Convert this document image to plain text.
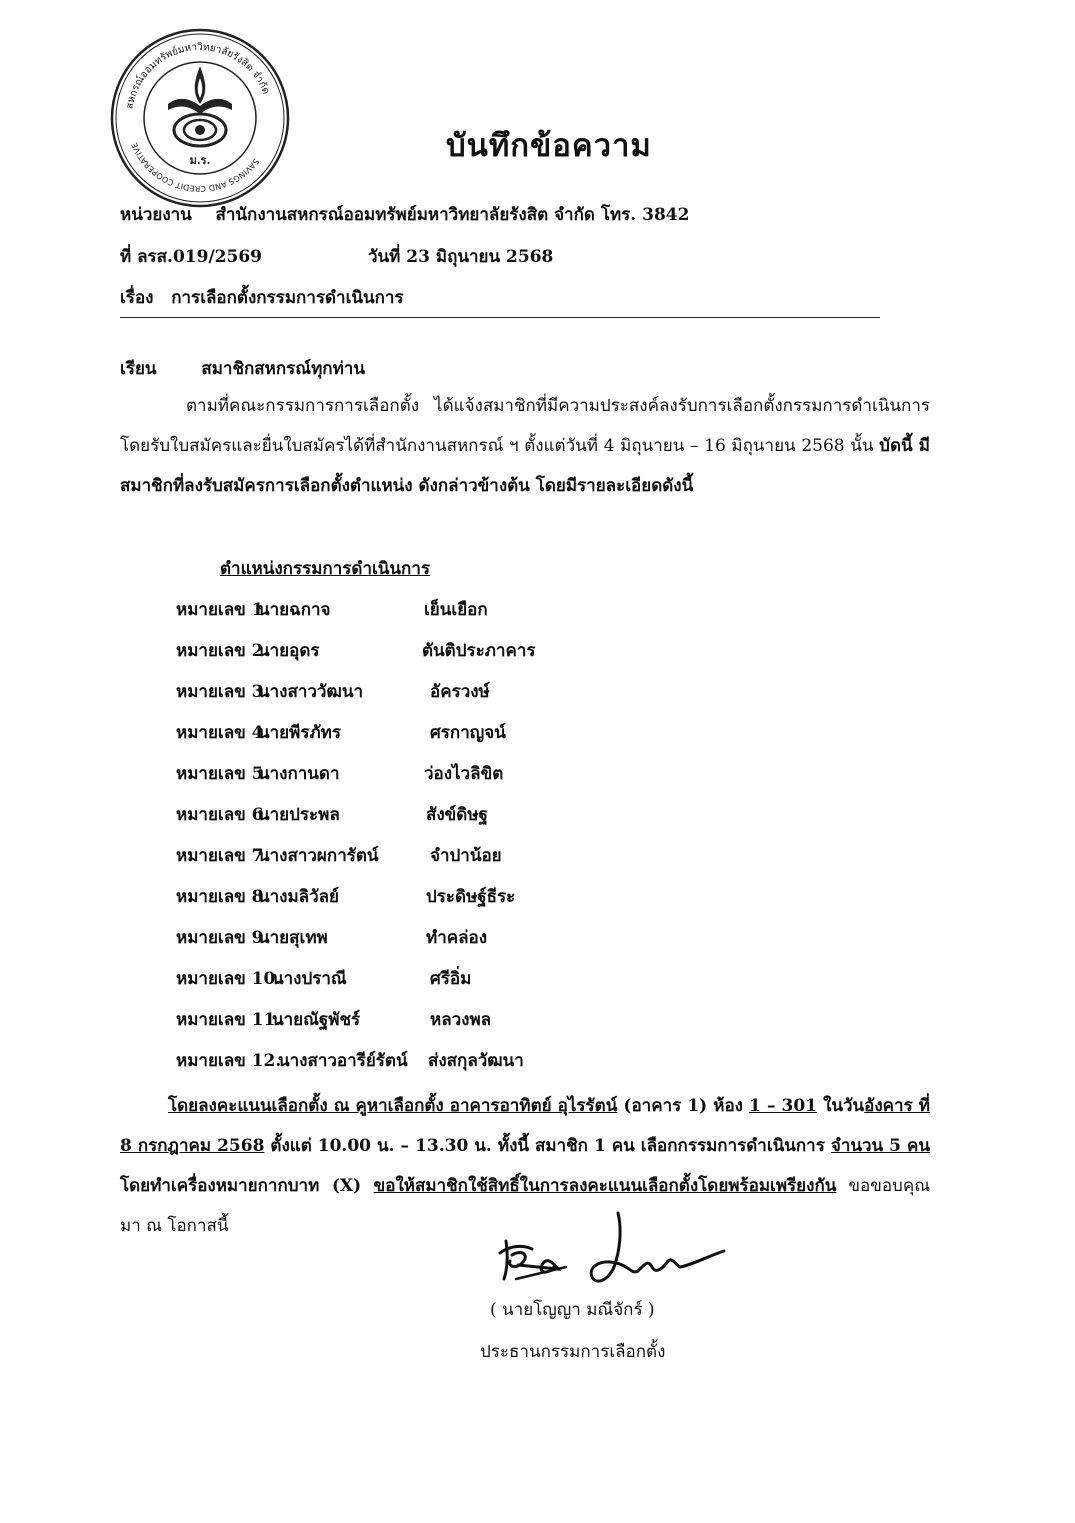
สหกรณ์ออมทรัพย์มหาวิทยาลัยรังสิต จำกัด
SAVINGS AND CREDIT COOPERATIVE
ม.ร.	บันทึกข้อความ
หน่วยงาน สำนักงานสหกรณ์ออมทรัพย์มหาวิทยาลัยรังสิต จำกัด โทร. 3842
ที่ ลรส.019/2569	วันที่ 23 มิถุนายน 2568
เรื่อง การเลือกตั้งกรรมการดำเนินการ
เรียน	สมาชิกสหกรณ์ทุกท่าน
ตามที่คณะกรรมการการเลือกตั้ง ได้แจ้งสมาชิกที่มีความประสงค์ลงรับการเลือกตั้งกรรมการดำเนินการ โดยรับใบสมัครและยื่นใบสมัครได้ที่สำนักงานสหกรณ์ ฯ ตั้งแต่วันที่ 4 มิถุนายน – 16 มิถุนายน 2568 นั้น บัดนี้ มีสมาชิกที่ลงรับสมัครการเลือกตั้งตำแหน่ง ดังกล่าวข้างต้น โดยมีรายละเอียดดังนี้
ตำแหน่งกรรมการดำเนินการ
หมายเลข 1.
นายฉกาจ	เย็นเยือก
หมายเลข 2.
นายอุดร	ตันติประภาคาร
หมายเลข 3.
นางสาววัฒนา	อัครวงษ์
หมายเลข 4.
นายพีรภัทร	ศรกาญจน์
หมายเลข 5.
นางกานดา	ว่องไวลิขิต
หมายเลข 6.
นายประพล	สังข์ดิษฐ
หมายเลข 7.
นางสาวผการัตน์	จำปาน้อย
หมายเลข 8.
นางมลิวัลย์	ประดิษฐ์ธีระ
หมายเลข 9.
นายสุเทพ	ทำคล่อง
หมายเลข 10.
นางปราณี	ศรีอิ่ม
หมายเลข 11.
นายณัฐพัชร์	หลวงพล
หมายเลข 12.
นางสาวอารีย์รัตน์ ส่งสกุลวัฒนา
โดยลงคะแนนเลือกตั้ง ณ คูหาเลือกตั้ง อาคารอาทิตย์ อุไรรัตน์ (อาคาร 1) ห้อง 1 – 301 ในวันอังคาร ที่ 8 กรกฎาคม 2568 ตั้งแต่ 10.00 น. – 13.30 น. ทั้งนี้ สมาชิก 1 คน เลือกกรรมการดำเนินการ จำนวน 5 คน โดยทำเครื่องหมายกากบาท (X) ขอให้สมาชิกใช้สิทธิ์ในการลงคะแนนเลือกตั้งโดยพร้อมเพรียงกัน ขอขอบคุณมา ณ โอกาสนี้
( นายโญญา มณีจักร์ )
ประธานกรรมการเลือกตั้ง
